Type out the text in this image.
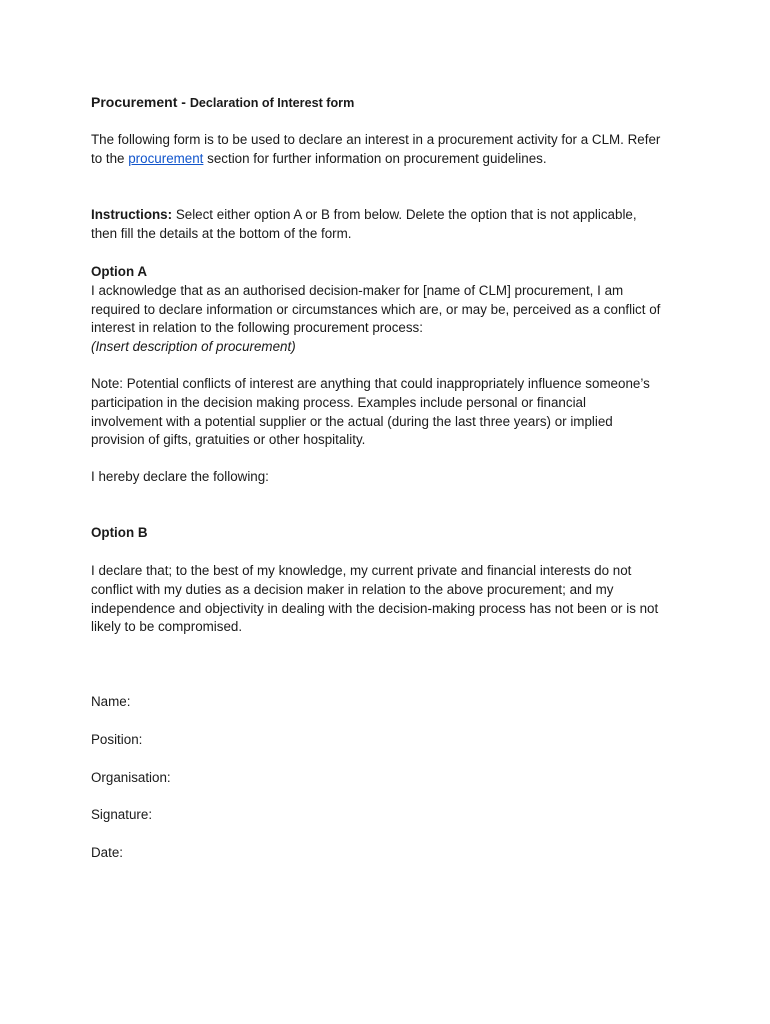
Procurement - Declaration of Interest form
The following form is to be used to declare an interest in a procurement activity for a CLM. Refer
to the procurement section for further information on procurement guidelines.
Instructions: Select either option A or B from below. Delete the option that is not applicable,
then fill the details at the bottom of the form.
Option A
I acknowledge that as an authorised decision-maker for [name of CLM] procurement, I am
required to declare information or circumstances which are, or may be, perceived as a conflict of
interest in relation to the following procurement process:
(Insert description of procurement)
Note: Potential conflicts of interest are anything that could inappropriately influence someone’s
participation in the decision making process. Examples include personal or financial
involvement with a potential supplier or the actual (during the last three years) or implied
provision of gifts, gratuities or other hospitality.
I hereby declare the following:
Option B
I declare that; to the best of my knowledge, my current private and financial interests do not
conflict with my duties as a decision maker in relation to the above procurement; and my
independence and objectivity in dealing with the decision-making process has not been or is not
likely to be compromised.
Name:
Position:
Organisation:
Signature:
Date:
